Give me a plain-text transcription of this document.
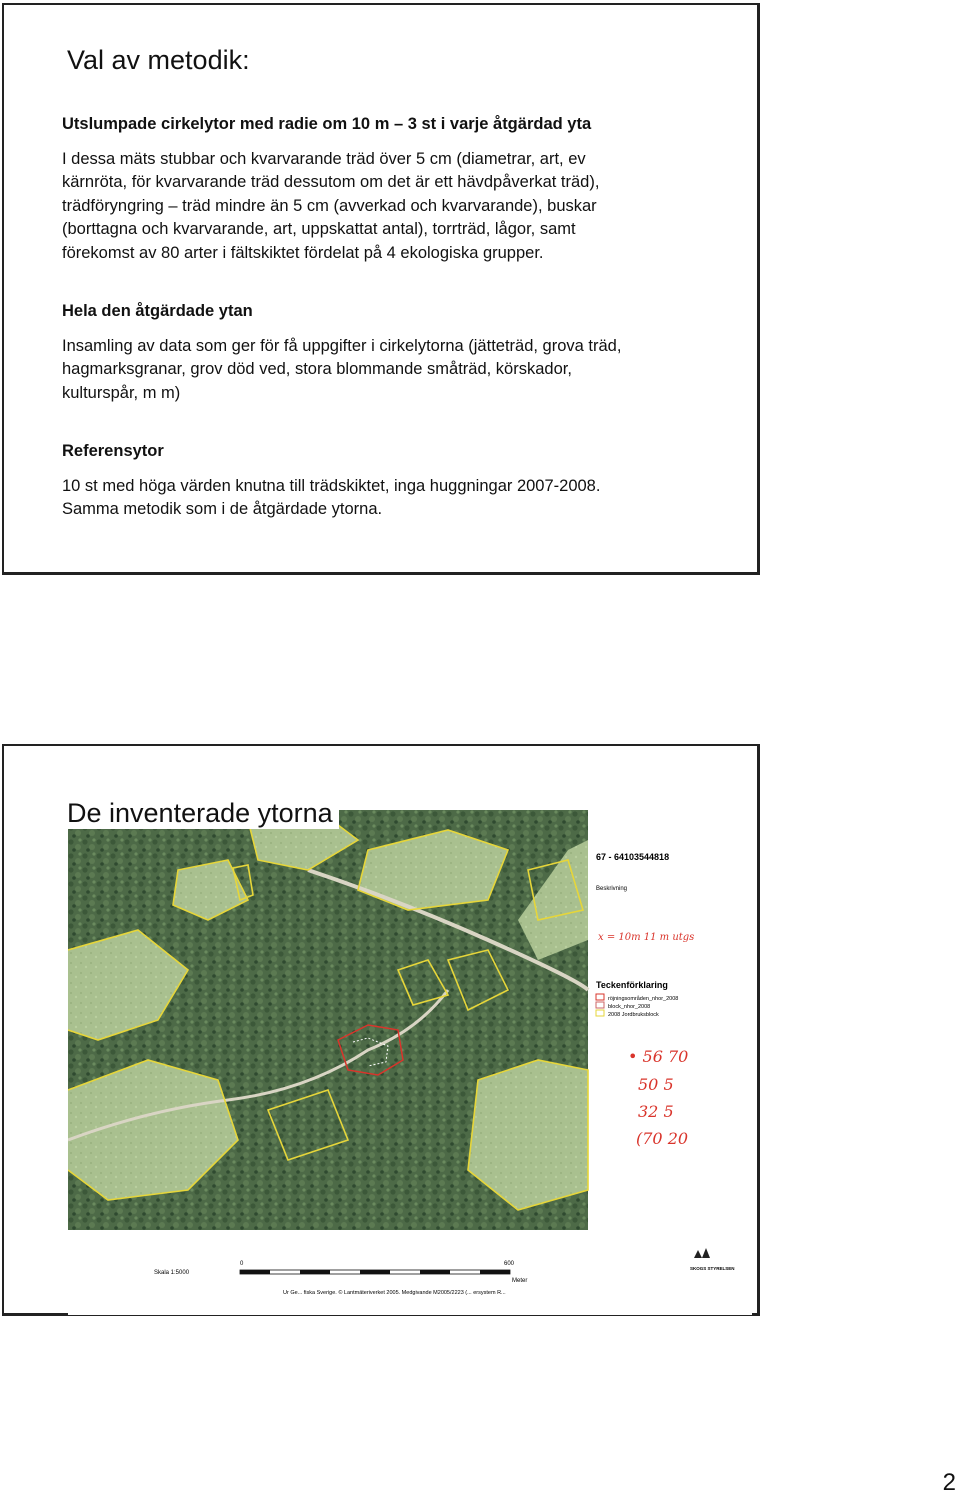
Val av metodik:
Utslumpade cirkelytor med radie om 10 m – 3 st i varje åtgärdad yta

I dessa mäts stubbar och kvarvarande träd över 5 cm (diametrar, art, ev
kärnröta, för kvarvarande träd dessutom om det är ett hävdpåverkat träd),
trädföryngring – träd mindre än 5 cm (avverkad och kvarvarande), buskar
(borttagna och kvarvarande, art, uppskattat antal), torrträd, lågor, samt
förekomst av 80 arter i fältskiktet fördelat på 4 ekologiska grupper.

Hela den åtgärdade ytan

Insamling av data som ger för få uppgifter i cirkelytorna (jätteträd, grova träd,
hagmarksgranar, grov död ved, stora blommande småträd, körskador,
kulturspår, m m)

Referensytor

10 st med höga värden knutna till trädskiktet, inga huggningar 2007-2008.
Samma metodik som i de åtgärdade ytorna.

De inventerade ytorna
67 - 64103544818
Beskrivning
x = 10m 11 m utgs
Teckenförklaring
röjningsområden_nhor_2008
block_nhor_2008
2008 Jordbruksblock
• 56 70
50 5
32 5
(70 20
0	600
Meter
Skala 1:5000
Ur Ge... fiska Sverige. © Lantmäteriverket 2005. Medgivande M2005/2223 (... ersystem R...
SKOGS STYRELSEN
2
